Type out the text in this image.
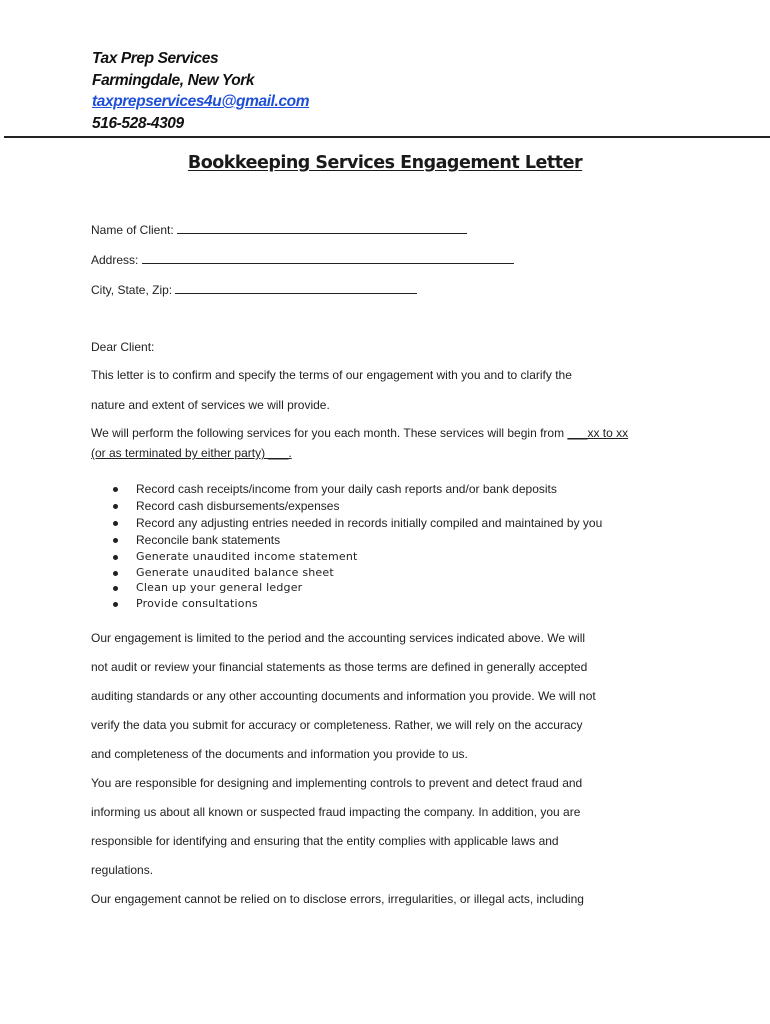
Tax Prep Services
Farmingdale, New York
taxprepservices4u@gmail.com
516-528-4309
Bookkeeping Services Engagement Letter
Name of Client:
Address:
City, State, Zip:
Dear Client:
This letter is to confirm and specify the terms of our engagement with you and to clarify the
nature and extent of services we will provide.
We will perform the following services for you each month. These services will begin from ___xx to xx
(or as terminated by either party) ___.
Record cash receipts/income from your daily cash reports and/or bank deposits
Record cash disbursements/expenses
Record any adjusting entries needed in records initially compiled and maintained by you
Reconcile bank statements
Generate unaudited income statement
Generate unaudited balance sheet
Clean up your general ledger
Provide consultations
Our engagement is limited to the period and the accounting services indicated above. We will
not audit or review your financial statements as those terms are defined in generally accepted
auditing standards or any other accounting documents and information you provide. We will not
verify the data you submit for accuracy or completeness. Rather, we will rely on the accuracy
and completeness of the documents and information you provide to us.
You are responsible for designing and implementing controls to prevent and detect fraud and
informing us about all known or suspected fraud impacting the company. In addition, you are
responsible for identifying and ensuring that the entity complies with applicable laws and
regulations.
Our engagement cannot be relied on to disclose errors, irregularities, or illegal acts, including
